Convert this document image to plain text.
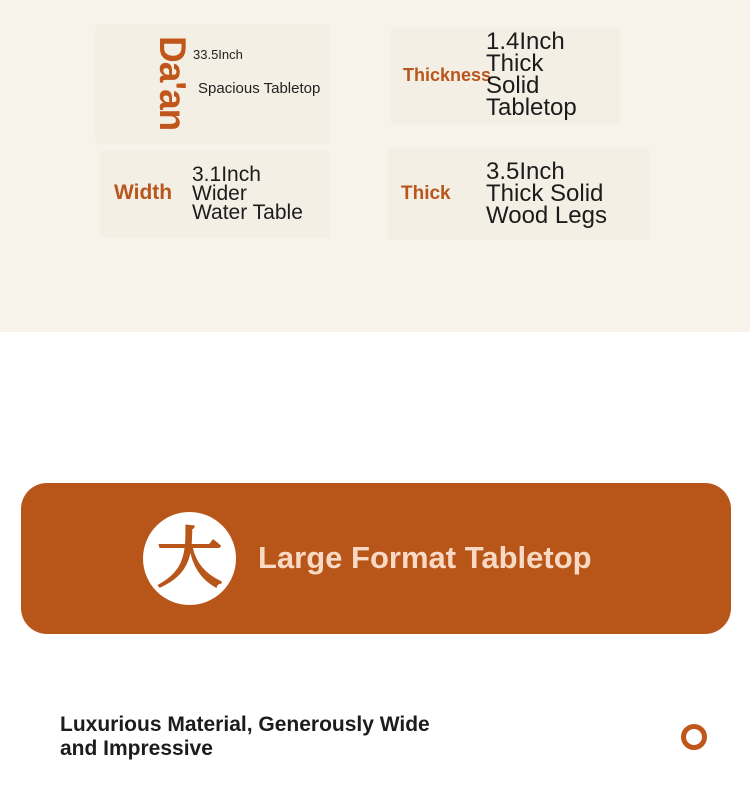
Da'an 33.5Inch
Spacious Tabletop
Thickness
1.4Inch
Thick
Solid
Tabletop
Width
3.1Inch
Wider
Water Table
Thick
3.5Inch
Thick Solid
Wood Legs
大	Large Format Tabletop
Luxurious Material, Generously Wide and Impressive
